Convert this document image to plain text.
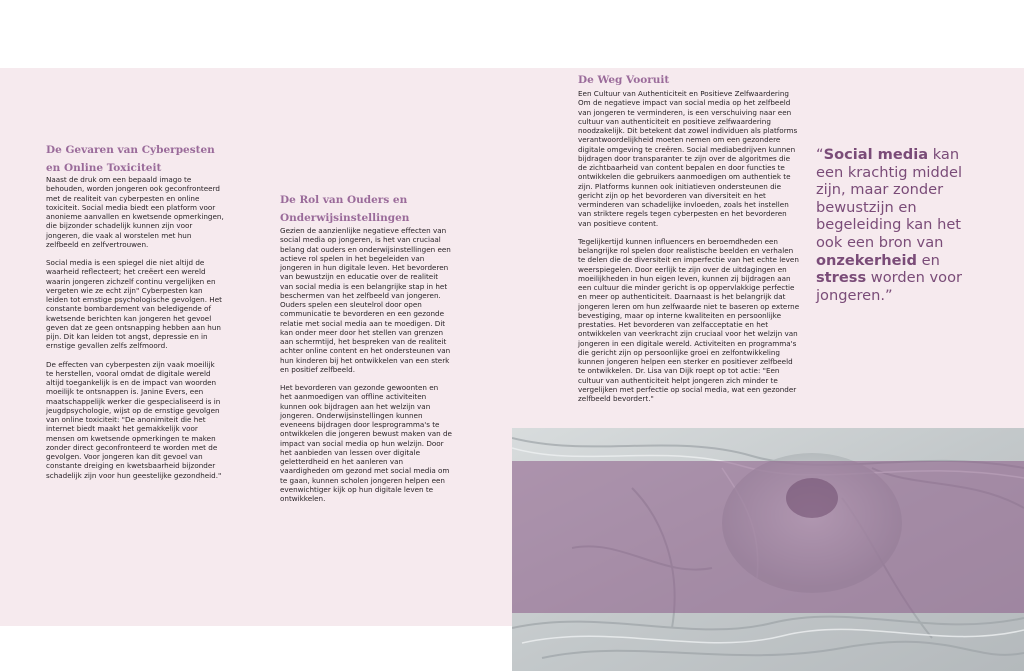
De Gevaren van Cyberpesten en Online Toxiciteit

Naast de druk om een bepaald imago te behouden, worden jongeren ook geconfronteerd met de realiteit van cyberpesten en online toxiciteit. Social media biedt een platform voor anonieme aanvallen en kwetsende opmerkingen, die bijzonder schadelijk kunnen zijn voor jongeren, die vaak al worstelen met hun zelfbeeld en zelfvertrouwen.

Social media is een spiegel die niet altijd de waarheid reflecteert; het creëert een wereld waarin jongeren zichzelf continu vergelijken en vergeten wie ze echt zijn" Cyberpesten kan leiden tot ernstige psychologische gevolgen. Het constante bombardement van beledigende of kwetsende berichten kan jongeren het gevoel geven dat ze geen ontsnapping hebben aan hun pijn. Dit kan leiden tot angst, depressie en in ernstige gevallen zelfs zelfmoord.

De effecten van cyberpesten zijn vaak moeilijk te herstellen, vooral omdat de digitale wereld altijd toegankelijk is en de impact van woorden moeilijk te ontsnappen is. Janine Evers, een maatschappelijk werker die gespecialiseerd is in jeugdpsychologie, wijst op de ernstige gevolgen van online toxiciteit: "De anonimiteit die het internet biedt maakt het gemakkelijk voor mensen om kwetsende opmerkingen te maken zonder direct geconfronteerd te worden met de gevolgen. Voor jongeren kan dit gevoel van constante dreiging en kwetsbaarheid bijzonder schadelijk zijn voor hun geestelijke gezondheid."

De Rol van Ouders en Onderwijsinstellingen

Gezien de aanzienlijke negatieve effecten van social media op jongeren, is het van cruciaal belang dat ouders en onderwijsinstellingen een actieve rol spelen in het begeleiden van jongeren in hun digitale leven. Het bevorderen van bewustzijn en educatie over de realiteit van social media is een belangrijke stap in het beschermen van het zelfbeeld van jongeren. Ouders spelen een sleutelrol door open communicatie te bevorderen en een gezonde relatie met social media aan te moedigen. Dit kan onder meer door het stellen van grenzen aan schermtijd, het bespreken van de realiteit achter online content en het ondersteunen van hun kinderen bij het ontwikkelen van een sterk en positief zelfbeeld.

Het bevorderen van gezonde gewoonten en het aanmoedigen van offline activiteiten kunnen ook bijdragen aan het welzijn van jongeren. Onderwijsinstellingen kunnen eveneens bijdragen door lesprogramma's te ontwikkelen die jongeren bewust maken van de impact van social media op hun welzijn. Door het aanbieden van lessen over digitale geletterdheid en het aanleren van vaardigheden om gezond met social media om te gaan, kunnen scholen jongeren helpen een evenwichtiger kijk op hun digitale leven te ontwikkelen.

De Weg Vooruit

Een Cultuur van Authenticiteit en Positieve Zelfwaardering Om de negatieve impact van social media op het zelfbeeld van jongeren te verminderen, is een verschuiving naar een cultuur van authenticiteit en positieve zelfwaardering noodzakelijk. Dit betekent dat zowel individuen als platforms verantwoordelijkheid moeten nemen om een gezondere digitale omgeving te creëren. Social mediabedrijven kunnen bijdragen door transparanter te zijn over de algoritmes die de zichtbaarheid van content bepalen en door functies te ontwikkelen die gebruikers aanmoedigen om authentiek te zijn. Platforms kunnen ook initiatieven ondersteunen die gericht zijn op het bevorderen van diversiteit en het verminderen van schadelijke invloeden, zoals het instellen van striktere regels tegen cyberpesten en het bevorderen van positieve content.

Tegelijkertijd kunnen influencers en beroemdheden een belangrijke rol spelen door realistische beelden en verhalen te delen die de diversiteit en imperfectie van het echte leven weerspiegelen. Door eerlijk te zijn over de uitdagingen en moeilijkheden in hun eigen leven, kunnen zij bijdragen aan een cultuur die minder gericht is op oppervlakkige perfectie en meer op authenticiteit. Daarnaast is het belangrijk dat jongeren leren om hun zelfwaarde niet te baseren op externe bevestiging, maar op interne kwaliteiten en persoonlijke prestaties. Het bevorderen van zelfacceptatie en het ontwikkelen van veerkracht zijn cruciaal voor het welzijn van jongeren in een digitale wereld. Activiteiten en programma's die gericht zijn op persoonlijke groei en zelfontwikkeling kunnen jongeren helpen een sterker en positiever zelfbeeld te ontwikkelen. Dr. Lisa van Dijk roept op tot actie: "Een cultuur van authenticiteit helpt jongeren zich minder te vergelijken met perfectie op social media, wat een gezonder zelfbeeld bevordert."

“Social media kan een krachtig middel zijn, maar zonder bewustzijn en begeleiding kan het ook een bron van onzekerheid en stress worden voor jongeren.”
